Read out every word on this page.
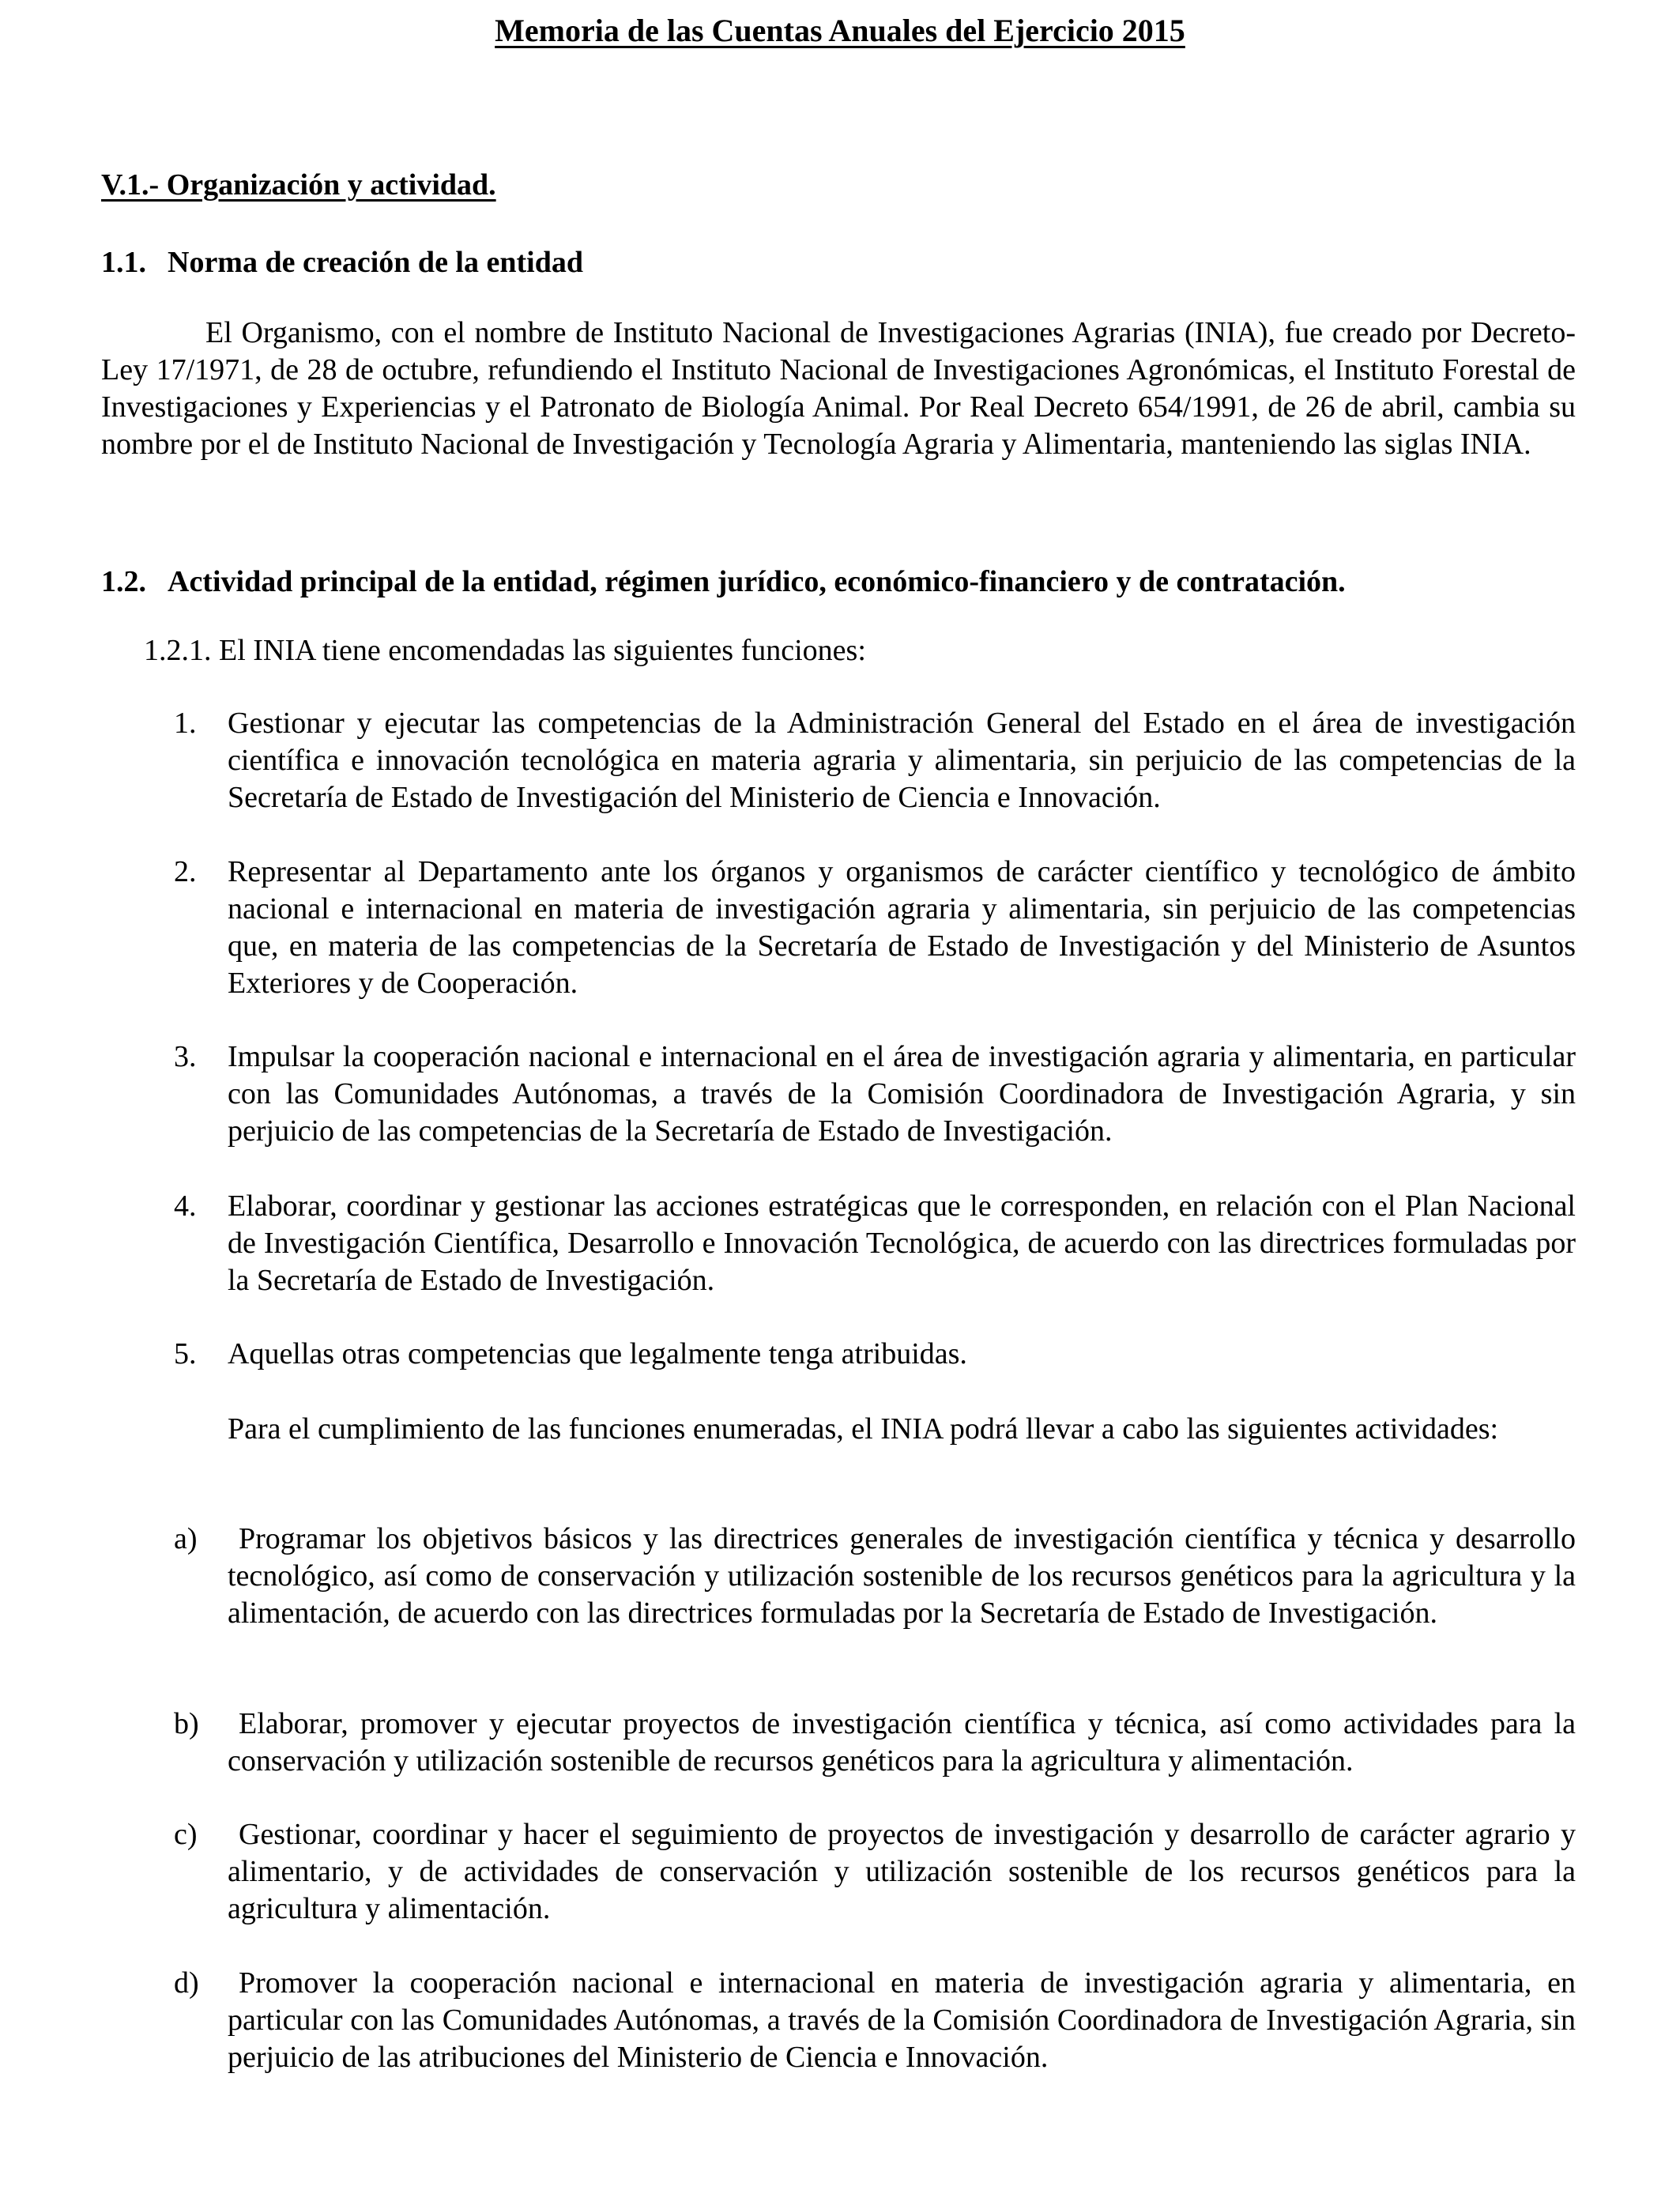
Memoria de las Cuentas Anuales del Ejercicio 2015
V.1.- Organización y actividad.
1.1. Norma de creación de la entidad
El Organismo, con el nombre de Instituto Nacional de Investigaciones Agrarias (INIA), fue creado por Decreto-Ley 17/1971, de 28 de octubre, refundiendo el Instituto Nacional de Investigaciones Agronómicas, el Instituto Forestal de Investigaciones y Experiencias y el Patronato de Biología Animal. Por Real Decreto 654/1991, de 26 de abril, cambia su nombre por el de Instituto Nacional de Investigación y Tecnología Agraria y Alimentaria, manteniendo las siglas INIA.
1.2. Actividad principal de la entidad, régimen jurídico, económico-financiero y de contratación.
1.2.1. El INIA tiene encomendadas las siguientes funciones:
1. Gestionar y ejecutar las competencias de la Administración General del Estado en el área de investigación científica e innovación tecnológica en materia agraria y alimentaria, sin perjuicio de las competencias de la Secretaría de Estado de Investigación del Ministerio de Ciencia e Innovación.
2. Representar al Departamento ante los órganos y organismos de carácter científico y tecnológico de ámbito nacional e internacional en materia de investigación agraria y alimentaria, sin perjuicio de las competencias que, en materia de las competencias de la Secretaría de Estado de Investigación y del Ministerio de Asuntos Exteriores y de Cooperación.
3. Impulsar la cooperación nacional e internacional en el área de investigación agraria y alimentaria, en particular con las Comunidades Autónomas, a través de la Comisión Coordinadora de Investigación Agraria, y sin perjuicio de las competencias de la Secretaría de Estado de Investigación.
4. Elaborar, coordinar y gestionar las acciones estratégicas que le corresponden, en relación con el Plan Nacional de Investigación Científica, Desarrollo e Innovación Tecnológica, de acuerdo con las directrices formuladas por la Secretaría de Estado de Investigación.
5. Aquellas otras competencias que legalmente tenga atribuidas.
Para el cumplimiento de las funciones enumeradas, el INIA podrá llevar a cabo las siguientes actividades:
a)	Programar los objetivos básicos y las directrices generales de investigación científica y técnica y desarrollo tecnológico, así como de conservación y utilización sostenible de los recursos genéticos para la agricultura y la alimentación, de acuerdo con las directrices formuladas por la Secretaría de Estado de Investigación.
b)	Elaborar, promover y ejecutar proyectos de investigación científica y técnica, así como actividades para la conservación y utilización sostenible de recursos genéticos para la agricultura y alimentación.
c)	Gestionar, coordinar y hacer el seguimiento de proyectos de investigación y desarrollo de carácter agrario y alimentario, y de actividades de conservación y utilización sostenible de los recursos genéticos para la agricultura y alimentación.
d)	Promover la cooperación nacional e internacional en materia de investigación agraria y alimentaria, en particular con las Comunidades Autónomas, a través de la Comisión Coordinadora de Investigación Agraria, sin perjuicio de las atribuciones del Ministerio de Ciencia e Innovación.
